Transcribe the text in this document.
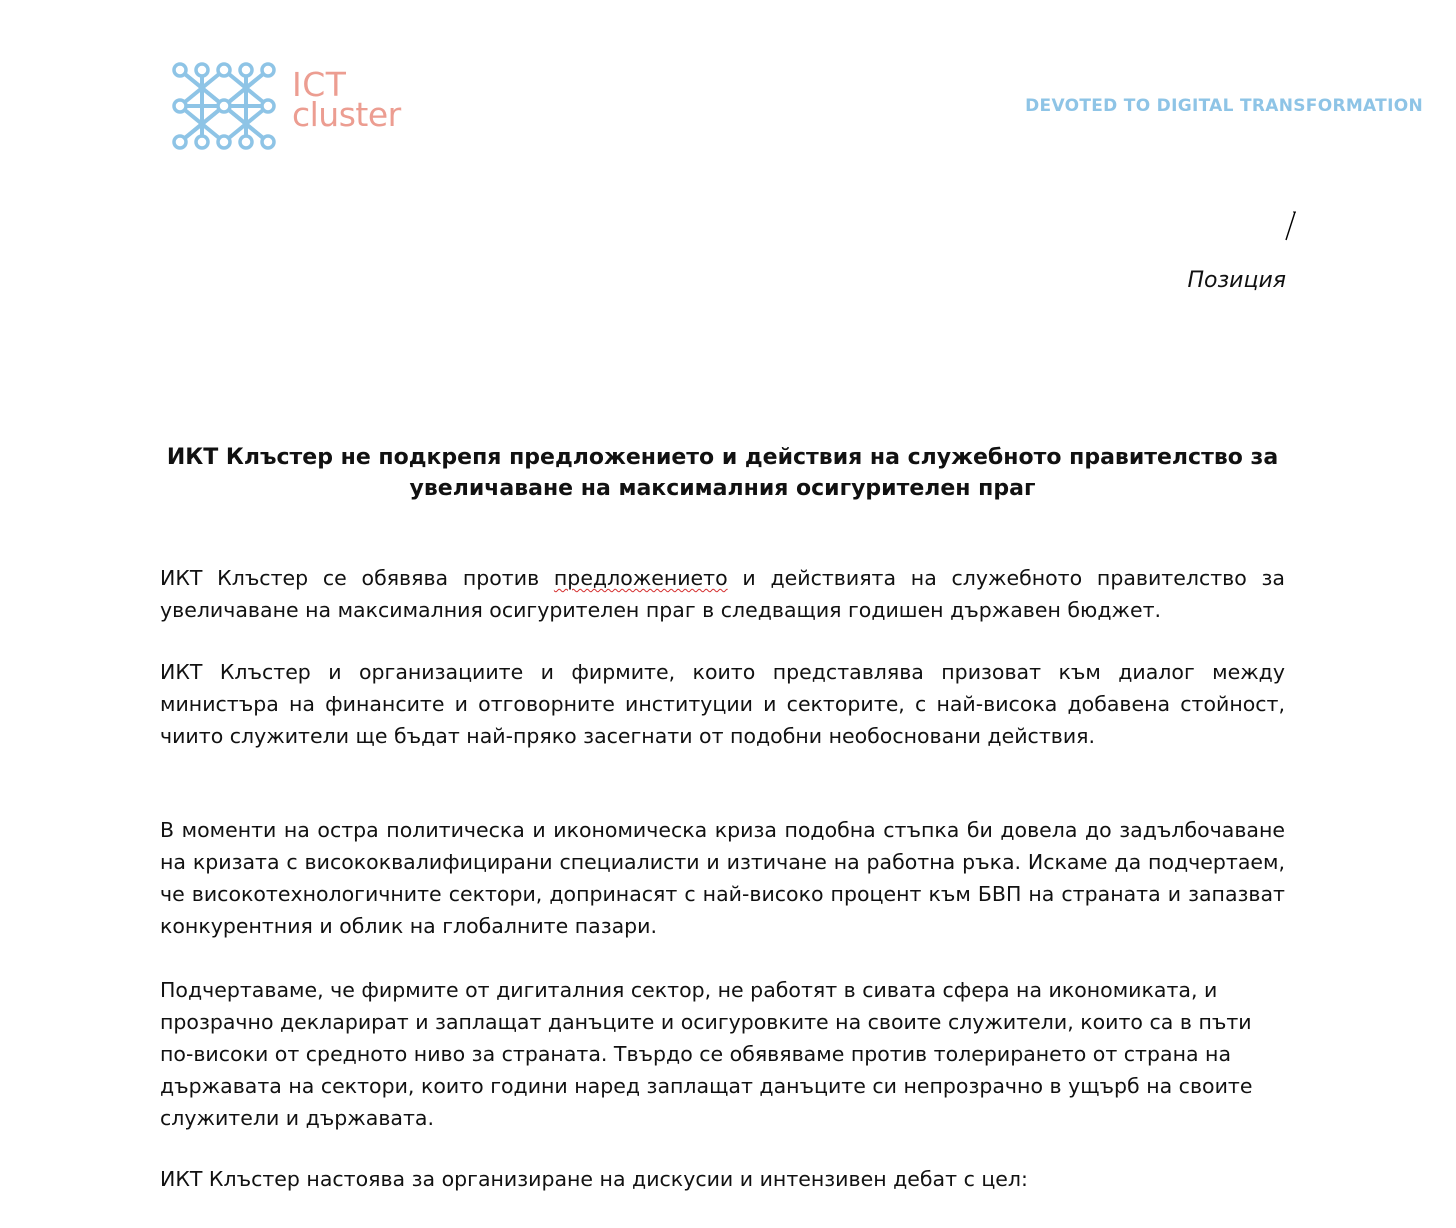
ICT
cluster	DEVOTED TO DIGITAL TRANSFORMATION
Позиция
ИКТ Клъстер не подкрепя предложението и действия на служебното правителство за увеличаване на максималния осигурителен праг
ИКТ Клъстер се обявява против предложението и действията на служебното правителство за увеличаване на максималния осигурителен праг в следващия годишен държавен бюджет.
ИКТ Клъстер и организациите и фирмите, които представлява призоват към диалог между министъра на финансите и отговорните институции и секторите, с най-висока добавена стойност, чиито служители ще бъдат най-пряко засегнати от подобни необосновани действия.
В моменти на остра политическа и икономическа криза подобна стъпка би довела до задълбочаване на кризата с висококвалифицирани специалисти и изтичане на работна ръка. Искаме да подчертаем, че високотехнологичните сектори, допринасят с най-високо процент към БВП на страната и запазват конкурентния и облик на глобалните пазари.
Подчертаваме, че фирмите от дигиталния сектор, не работят в сивата сфера на икономиката, и прозрачно декларират и заплащат данъците и осигуровките на своите служители, които са в пъти по-високи от средното ниво за страната. Твърдо се обявяваме против толерирането от страна на държавата на сектори, които години наред заплащат данъците си непрозрачно в ущърб на своите служители и държавата.
ИКТ Клъстер настоява за организиране на дискусии и интензивен дебат с цел:
